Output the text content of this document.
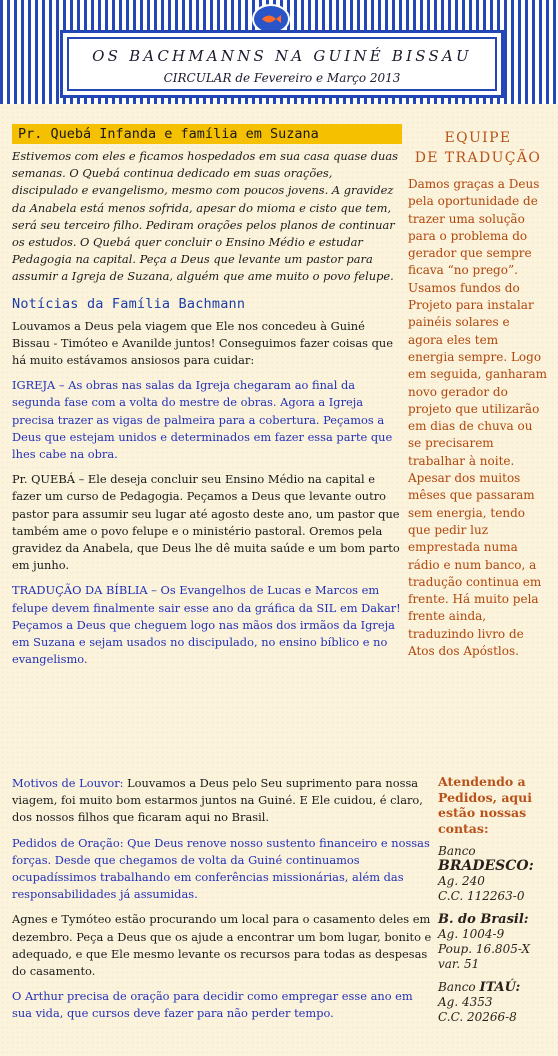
OS BACHMANNS NA GUINÉ BISSAU
CIRCULAR de Fevereiro e Março 2013
Pr. Quebá Infanda e família em Suzana

Estivemos com eles e ficamos hospedados em sua casa quase duas semanas. O Quebá continua dedicado em suas orações, discipulado e evangelismo, mesmo com poucos jovens. A gravidez da Anabela está menos sofrida, apesar do mioma e cisto que tem, será seu terceiro filho. Pediram orações pelos planos de continuar os estudos. O Quebá quer concluir o Ensino Médio e estudar Pedagogia na capital. Peça a Deus que levante um pastor para assumir a Igreja de Suzana, alguém que ame muito o povo felupe.

Notícias da Família Bachmann

Louvamos a Deus pela viagem que Ele nos concedeu à Guiné Bissau - Timóteo e Avanilde juntos! Conseguimos fazer coisas que há muito estávamos ansiosos para cuidar:

IGREJA – As obras nas salas da Igreja chegaram ao final da segunda fase com a volta do mestre de obras. Agora a Igreja precisa trazer as vigas de palmeira para a cobertura. Peçamos a Deus que estejam unidos e determinados em fazer essa parte que lhes cabe na obra.

Pr. QUEBÁ – Ele deseja concluir seu Ensino Médio na capital e fazer um curso de Pedagogia. Peçamos a Deus que levante outro pastor para assumir seu lugar até agosto deste ano, um pastor que também ame o povo felupe e o ministério pastoral. Oremos pela gravidez da Anabela, que Deus lhe dê muita saúde e um bom parto em junho.

TRADUÇÃO DA BÍBLIA – Os Evangelhos de Lucas e Marcos em felupe devem finalmente sair esse ano da gráfica da SIL em Dakar! Peçamos a Deus que cheguem logo nas mãos dos irmãos da Igreja em Suzana e sejam usados no discipulado, no ensino bíblico e no evangelismo.

EQUIPE
DE TRADUÇÃO
Damos graças a Deus pela oportunidade de trazer uma solução para o problema do gerador que sempre ficava “no prego”. Usamos fundos do Projeto para instalar painéis solares e agora eles tem energia sempre. Logo em seguida, ganharam novo gerador do projeto que utilizarão em dias de chuva ou se precisarem trabalhar à noite. Apesar dos muitos mêses que passaram sem energia, tendo que pedir luz emprestada numa rádio e num banco, a tradução continua em frente. Há muito pela frente ainda, traduzindo livro de Atos dos Apóstlos.

Motivos de Louvor: Louvamos a Deus pelo Seu suprimento para nossa viagem, foi muito bom estarmos juntos na Guiné. E Ele cuidou, é claro, dos nossos filhos que ficaram aqui no Brasil.

Pedidos de Oração: Que Deus renove nosso sustento financeiro e nossas forças. Desde que chegamos de volta da Guiné continuamos ocupadíssimos trabalhando em conferências missionárias, além das responsabilidades já assumidas.

Agnes e Tymóteo estão procurando um local para o casamento deles em dezembro. Peça a Deus que os ajude a encontrar um bom lugar, bonito e adequado, e que Ele mesmo levante os recursos para todas as despesas do casamento.

O Arthur precisa de oração para decidir como empregar esse ano em sua vida, que cursos deve fazer para não perder tempo.

Atendendo a Pedidos, aqui estão nossas contas:
Banco
BRADESCO:
Ag. 240
C.C. 112263-0
B. do Brasil:
Ag. 1004-9
Poup. 16.805-X
var. 51
Banco ITAÚ:
Ag. 4353
C.C. 20266-8
